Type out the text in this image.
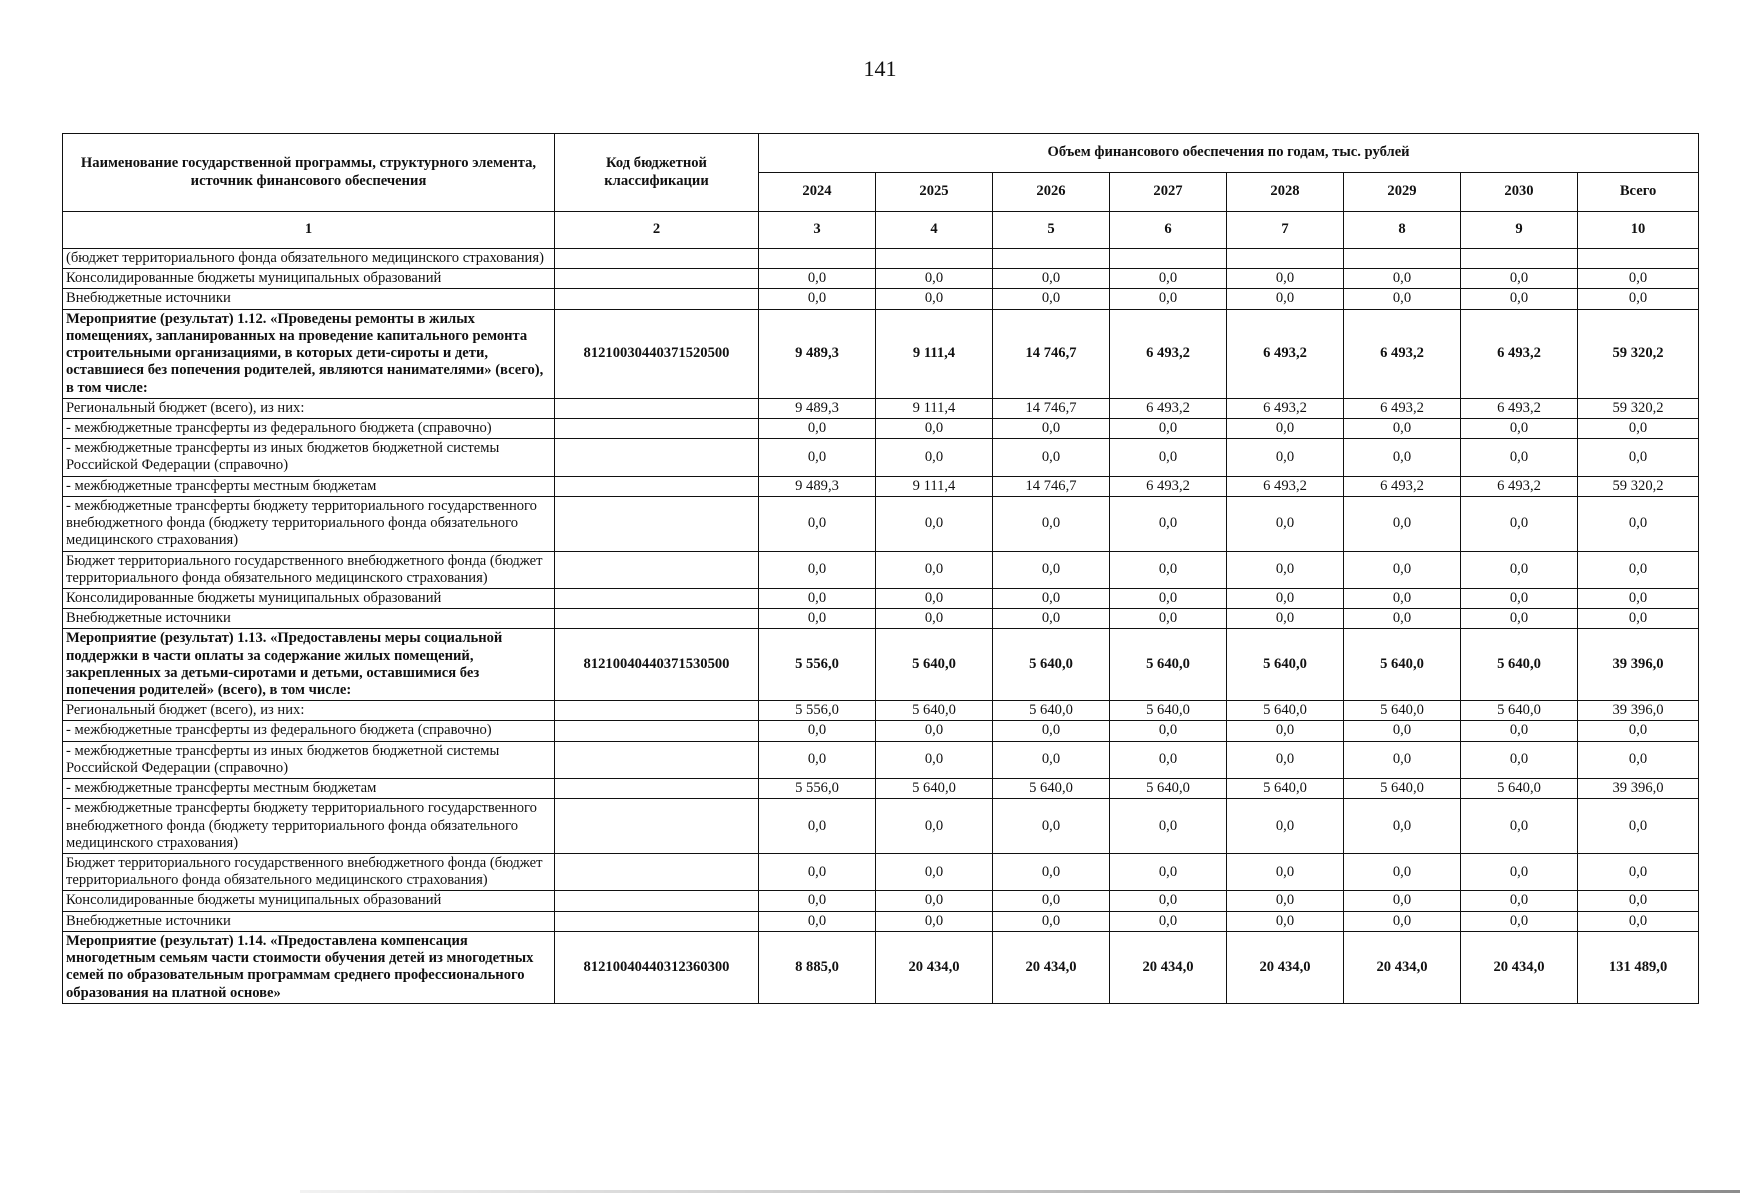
141
Наименование государственной программы, структурного элемента, источник финансового обеспечения	Код бюджетной классификации	Объем финансового обеспечения по годам, тыс. рублей							
		2024	2025	2026	2027	2028	2029	2030	Всего
1	2	3	4	5	6	7	8	9	10
(бюджет территориального фонда обязательного медицинского страхования)									
Консолидированные бюджеты муниципальных образований		0,0	0,0	0,0	0,0	0,0	0,0	0,0	0,0
Внебюджетные источники		0,0	0,0	0,0	0,0	0,0	0,0	0,0	0,0
Мероприятие (результат) 1.12. «Проведены ремонты в жилых помещениях, запланированных на проведение капитального ремонта строительными организациями, в которых дети-сироты и дети, оставшиеся без попечения родителей, являются нанимателями» (всего), в том числе:	81210030440371520500	9 489,3	9 111,4	14 746,7	6 493,2	6 493,2	6 493,2	6 493,2	59 320,2
Региональный бюджет (всего), из них:		9 489,3	9 111,4	14 746,7	6 493,2	6 493,2	6 493,2	6 493,2	59 320,2
- межбюджетные трансферты из федерального бюджета (справочно)		0,0	0,0	0,0	0,0	0,0	0,0	0,0	0,0
- межбюджетные трансферты из иных бюджетов бюджетной системы Российской Федерации (справочно)		0,0	0,0	0,0	0,0	0,0	0,0	0,0	0,0
- межбюджетные трансферты местным бюджетам		9 489,3	9 111,4	14 746,7	6 493,2	6 493,2	6 493,2	6 493,2	59 320,2
- межбюджетные трансферты бюджету территориального государственного внебюджетного фонда (бюджету территориального фонда обязательного медицинского страхования)		0,0	0,0	0,0	0,0	0,0	0,0	0,0	0,0
Бюджет территориального государственного внебюджетного фонда (бюджет территориального фонда обязательного медицинского страхования)		0,0	0,0	0,0	0,0	0,0	0,0	0,0	0,0
Консолидированные бюджеты муниципальных образований		0,0	0,0	0,0	0,0	0,0	0,0	0,0	0,0
Внебюджетные источники		0,0	0,0	0,0	0,0	0,0	0,0	0,0	0,0
Мероприятие (результат) 1.13. «Предоставлены меры социальной поддержки в части оплаты за содержание жилых помещений, закрепленных за детьми-сиротами и детьми, оставшимися без попечения родителей» (всего), в том числе:	81210040440371530500	5 556,0	5 640,0	5 640,0	5 640,0	5 640,0	5 640,0	5 640,0	39 396,0
Региональный бюджет (всего), из них:		5 556,0	5 640,0	5 640,0	5 640,0	5 640,0	5 640,0	5 640,0	39 396,0
- межбюджетные трансферты из федерального бюджета (справочно)		0,0	0,0	0,0	0,0	0,0	0,0	0,0	0,0
- межбюджетные трансферты из иных бюджетов бюджетной системы Российской Федерации (справочно)		0,0	0,0	0,0	0,0	0,0	0,0	0,0	0,0
- межбюджетные трансферты местным бюджетам		5 556,0	5 640,0	5 640,0	5 640,0	5 640,0	5 640,0	5 640,0	39 396,0
- межбюджетные трансферты бюджету территориального государственного внебюджетного фонда (бюджету территориального фонда обязательного медицинского страхования)		0,0	0,0	0,0	0,0	0,0	0,0	0,0	0,0
Бюджет территориального государственного внебюджетного фонда (бюджет территориального фонда обязательного медицинского страхования)		0,0	0,0	0,0	0,0	0,0	0,0	0,0	0,0
Консолидированные бюджеты муниципальных образований		0,0	0,0	0,0	0,0	0,0	0,0	0,0	0,0
Внебюджетные источники		0,0	0,0	0,0	0,0	0,0	0,0	0,0	0,0
Мероприятие (результат) 1.14. «Предоставлена компенсация многодетным семьям части стоимости обучения детей из многодетных семей по образовательным программам среднего профессионального образования на платной основе»	81210040440312360300	8 885,0	20 434,0	20 434,0	20 434,0	20 434,0	20 434,0	20 434,0	131 489,0
